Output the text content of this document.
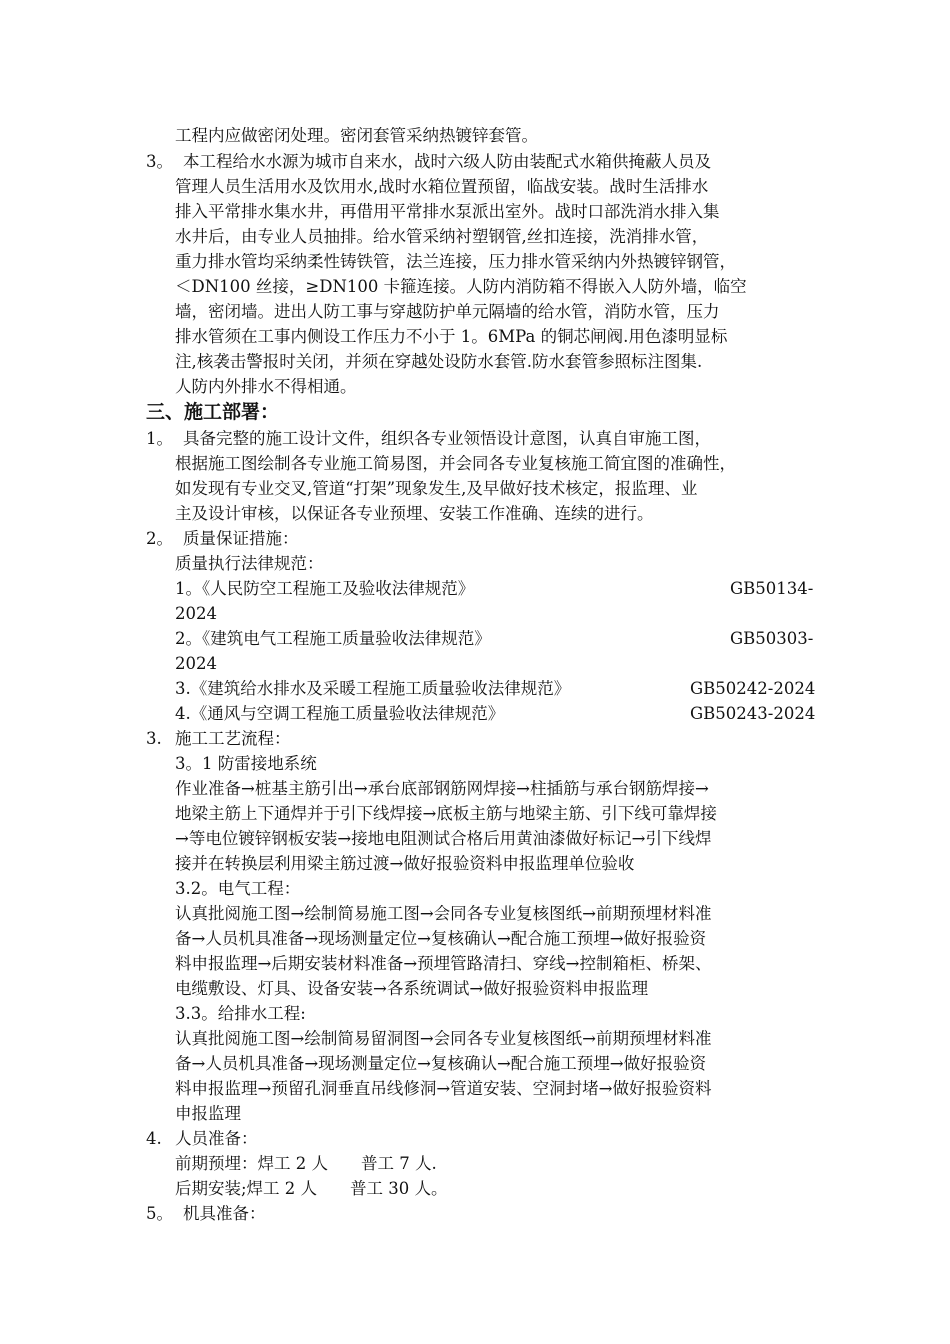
工程内应做密闭处理。密闭套管采纳热镀锌套管。
3。 本工程给水水源为城市自来水，战时六级人防由装配式水箱供掩蔽人员及
管理人员生活用水及饮用水,战时水箱位置预留，临战安装。战时生活排水
排入平常排水集水井，再借用平常排水泵派出室外。战时口部洗消水排入集
水井后，由专业人员抽排。给水管采纳衬塑钢管,丝扣连接，洗消排水管，
重力排水管均采纳柔性铸铁管，法兰连接，压力排水管采纳内外热镀锌钢管，
＜DN100 丝接，≥DN100 卡箍连接。人防内消防箱不得嵌入人防外墙，临空
墙，密闭墙。进出人防工事与穿越防护单元隔墙的给水管，消防水管，压力
排水管须在工事内侧设工作压力不小于 1。6MPa 的铜芯闸阀.用色漆明显标
注,核袭击警报时关闭，并须在穿越处设防水套管.防水套管参照标注图集.
人防内外排水不得相通。
三、施工部署：
1。 具备完整的施工设计文件，组织各专业领悟设计意图，认真自审施工图，
根据施工图绘制各专业施工简易图，并会同各专业复核施工简宜图的准确性，
如发现有专业交叉,管道“打架”现象发生,及早做好技术核定，报监理、业
主及设计审核，以保证各专业预埋、安装工作准确、连续的进行。
2。 质量保证措施：
质量执行法律规范：
1。《人民防空工程施工及验收法律规范》	GB50134-
2024
2。《建筑电气工程施工质量验收法律规范》	GB50303-
2024
3.《建筑给水排水及采暖工程施工质量验收法律规范》	GB50242-2024
4.《通风与空调工程施工质量验收法律规范》	GB50243-2024
3. 施工工艺流程：
3。1 防雷接地系统
作业准备→桩基主筋引出→承台底部钢筋网焊接→柱插筋与承台钢筋焊接→
地梁主筋上下通焊并于引下线焊接→底板主筋与地梁主筋、引下线可靠焊接
→等电位镀锌钢板安装→接地电阻测试合格后用黄油漆做好标记→引下线焊
接并在转换层利用梁主筋过渡→做好报验资料申报监理单位验收
3.2。电气工程：
认真批阅施工图→绘制简易施工图→会同各专业复核图纸→前期预埋材料准
备→人员机具准备→现场测量定位→复核确认→配合施工预埋→做好报验资
料申报监理→后期安装材料准备→预埋管路清扫、穿线→控制箱柜、桥架、
电缆敷设、灯具、设备安装→各系统调试→做好报验资料申报监理
3.3。给排水工程:
认真批阅施工图→绘制简易留洞图→会同各专业复核图纸→前期预埋材料准
备→人员机具准备→现场测量定位→复核确认→配合施工预埋→做好报验资
料申报监理→预留孔洞垂直吊线修洞→管道安装、空洞封堵→做好报验资料
申报监理
4. 人员准备：
前期预埋：焊工 2 人　　普工 7 人.
后期安装;焊工 2 人　　普工 30 人。
5。 机具准备：
